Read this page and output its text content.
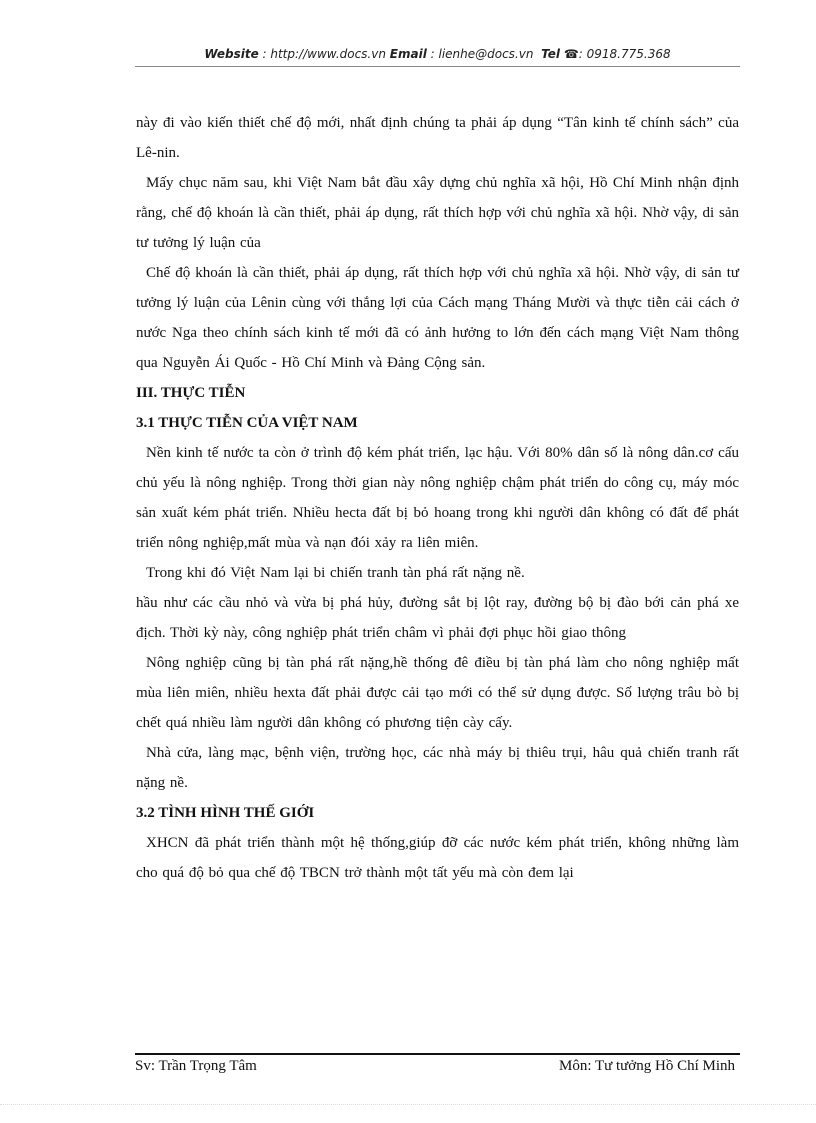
Website : http://www.docs.vn Email : lienhe@docs.vn  Tel ☎: 0918.775.368

này đi vào kiến thiết chế độ mới, nhất định chúng ta phải áp dụng “Tân kinh tế chính sách” của Lê-nin.

Mấy chục năm sau, khi Việt Nam bắt đầu xây dựng chủ nghĩa xã hội, Hồ Chí Minh nhận định rằng, chế độ khoán là cần thiết, phải áp dụng, rất thích hợp với chủ nghĩa xã hội. Nhờ vậy, di sản tư tưởng lý luận của

Chế độ khoán là cần thiết, phải áp dụng, rất thích hợp với chủ nghĩa xã hội. Nhờ vậy, di sản tư tưởng lý luận của Lênin cùng với thắng lợi của Cách mạng Tháng Mười và thực tiễn cải cách ở nước Nga theo chính sách kinh tế mới đã có ảnh hưởng to lớn đến cách mạng Việt Nam thông qua Nguyễn Ái Quốc - Hồ Chí Minh và Đảng Cộng sản.

III. THỰC TIỄN

3.1 THỰC TIỄN CỦA VIỆT NAM

Nền kinh tế nước ta còn ở trình độ kém phát triển, lạc hậu. Với 80% dân số là nông dân.cơ cấu chủ yếu là nông nghiệp. Trong thời gian này nông nghiệp chậm phát triển do công cụ, máy móc sản xuất kém phát triển. Nhiều hecta đất bị bỏ hoang trong khi người dân không có đất để phát triển nông nghiệp,mất mùa và nạn đói xảy ra liên miên.

Trong khi đó Việt Nam lại bi chiến tranh tàn phá rất nặng nề.

hầu như các cầu nhỏ và vừa bị phá hủy, đường sắt bị lột ray, đường bộ bị đào bới cản phá xe địch. Thời kỳ này, công nghiệp phát triển châm vì phải đợi phục hồi giao thông

Nông nghiệp cũng bị tàn phá rất nặng,hề thống đê điều bị tàn phá làm cho nông nghiệp mất mùa liên miên, nhiều hexta đất phải được cải tạo mới có thể sử dụng được. Số lượng trâu bò bị chết quá nhiều làm người dân không có phương tiện cày cấy.

Nhà cửa, làng mạc, bệnh viện, trường học, các nhà máy bị thiêu trụi, hâu quả chiến tranh rất nặng nề.

3.2 TÌNH HÌNH THẾ GIỚI

XHCN đã phát triển thành một hệ thống,giúp đỡ các nước kém phát triển, không những làm cho quá độ bỏ qua chế độ TBCN trở thành một tất yếu mà còn đem lại

Sv: Trần Trọng Tâm	Môn: Tư tưởng Hồ Chí Minh
